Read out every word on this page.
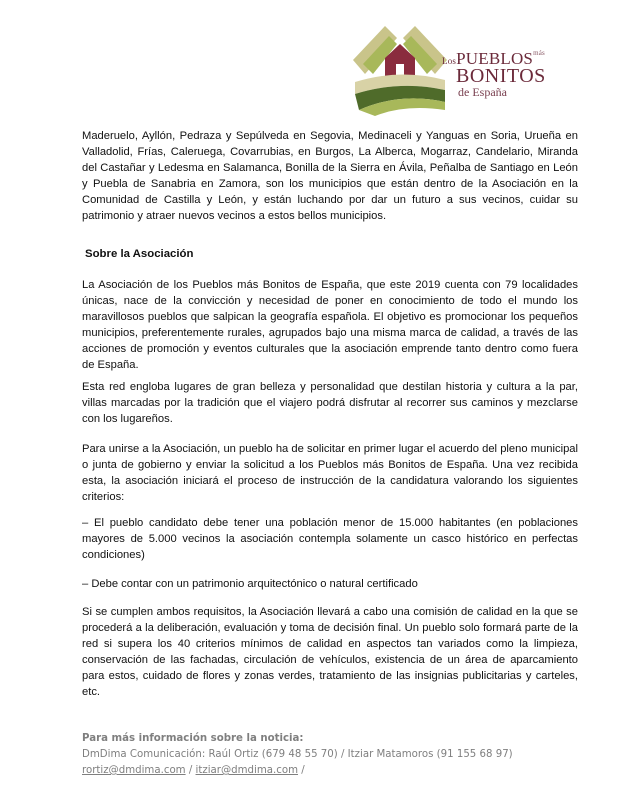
LosPUEBLOS$^{más}$
BONITOS
de España

Maderuelo, Ayllón, Pedraza y Sepúlveda en Segovia, Medinaceli y Yanguas en Soria, Urueña en Valladolid, Frías, Caleruega, Covarrubias, en Burgos, La Alberca, Mogarraz, Candelario, Miranda del Castañar y Ledesma en Salamanca, Bonilla de la Sierra en Ávila, Peñalba de Santiago en León y Puebla de Sanabria en Zamora, son los municipios que están dentro de la Asociación en la Comunidad de Castilla y León, y están luchando por dar un futuro a sus vecinos, cuidar su patrimonio y atraer nuevos vecinos a estos bellos municipios.

Sobre la Asociación

La Asociación de los Pueblos más Bonitos de España, que este 2019 cuenta con 79 localidades únicas, nace de la convicción y necesidad de poner en conocimiento de todo el mundo los maravillosos pueblos que salpican la geografía española. El objetivo es promocionar los pequeños municipios, preferentemente rurales, agrupados bajo una misma marca de calidad, a través de las acciones de promoción y eventos culturales que la asociación emprende tanto dentro como fuera de España.

Esta red engloba lugares de gran belleza y personalidad que destilan historia y cultura a la par, villas marcadas por la tradición que el viajero podrá disfrutar al recorrer sus caminos y mezclarse con los lugareños.

Para unirse a la Asociación, un pueblo ha de solicitar en primer lugar el acuerdo del pleno municipal o junta de gobierno y enviar la solicitud a los Pueblos más Bonitos de España. Una vez recibida esta, la asociación iniciará el proceso de instrucción de la candidatura valorando los siguientes criterios:

– El pueblo candidato debe tener una población menor de 15.000 habitantes (en poblaciones mayores de 5.000 vecinos la asociación contempla solamente un casco histórico en perfectas condiciones)

– Debe contar con un patrimonio arquitectónico o natural certificado

Si se cumplen ambos requisitos, la Asociación llevará a cabo una comisión de calidad en la que se procederá a la deliberación, evaluación y toma de decisión final. Un pueblo solo formará parte de la red si supera los 40 criterios mínimos de calidad en aspectos tan variados como la limpieza, conservación de las fachadas, circulación de vehículos, existencia de un área de aparcamiento para estos, cuidado de flores y zonas verdes, tratamiento de las insignias publicitarias y carteles, etc.

Para más información sobre la noticia:
DmDima Comunicación: Raúl Ortiz (679 48 55 70) / Itziar Matamoros (91 155 68 97)
rortiz@dmdima.com / itziar@dmdima.com /
